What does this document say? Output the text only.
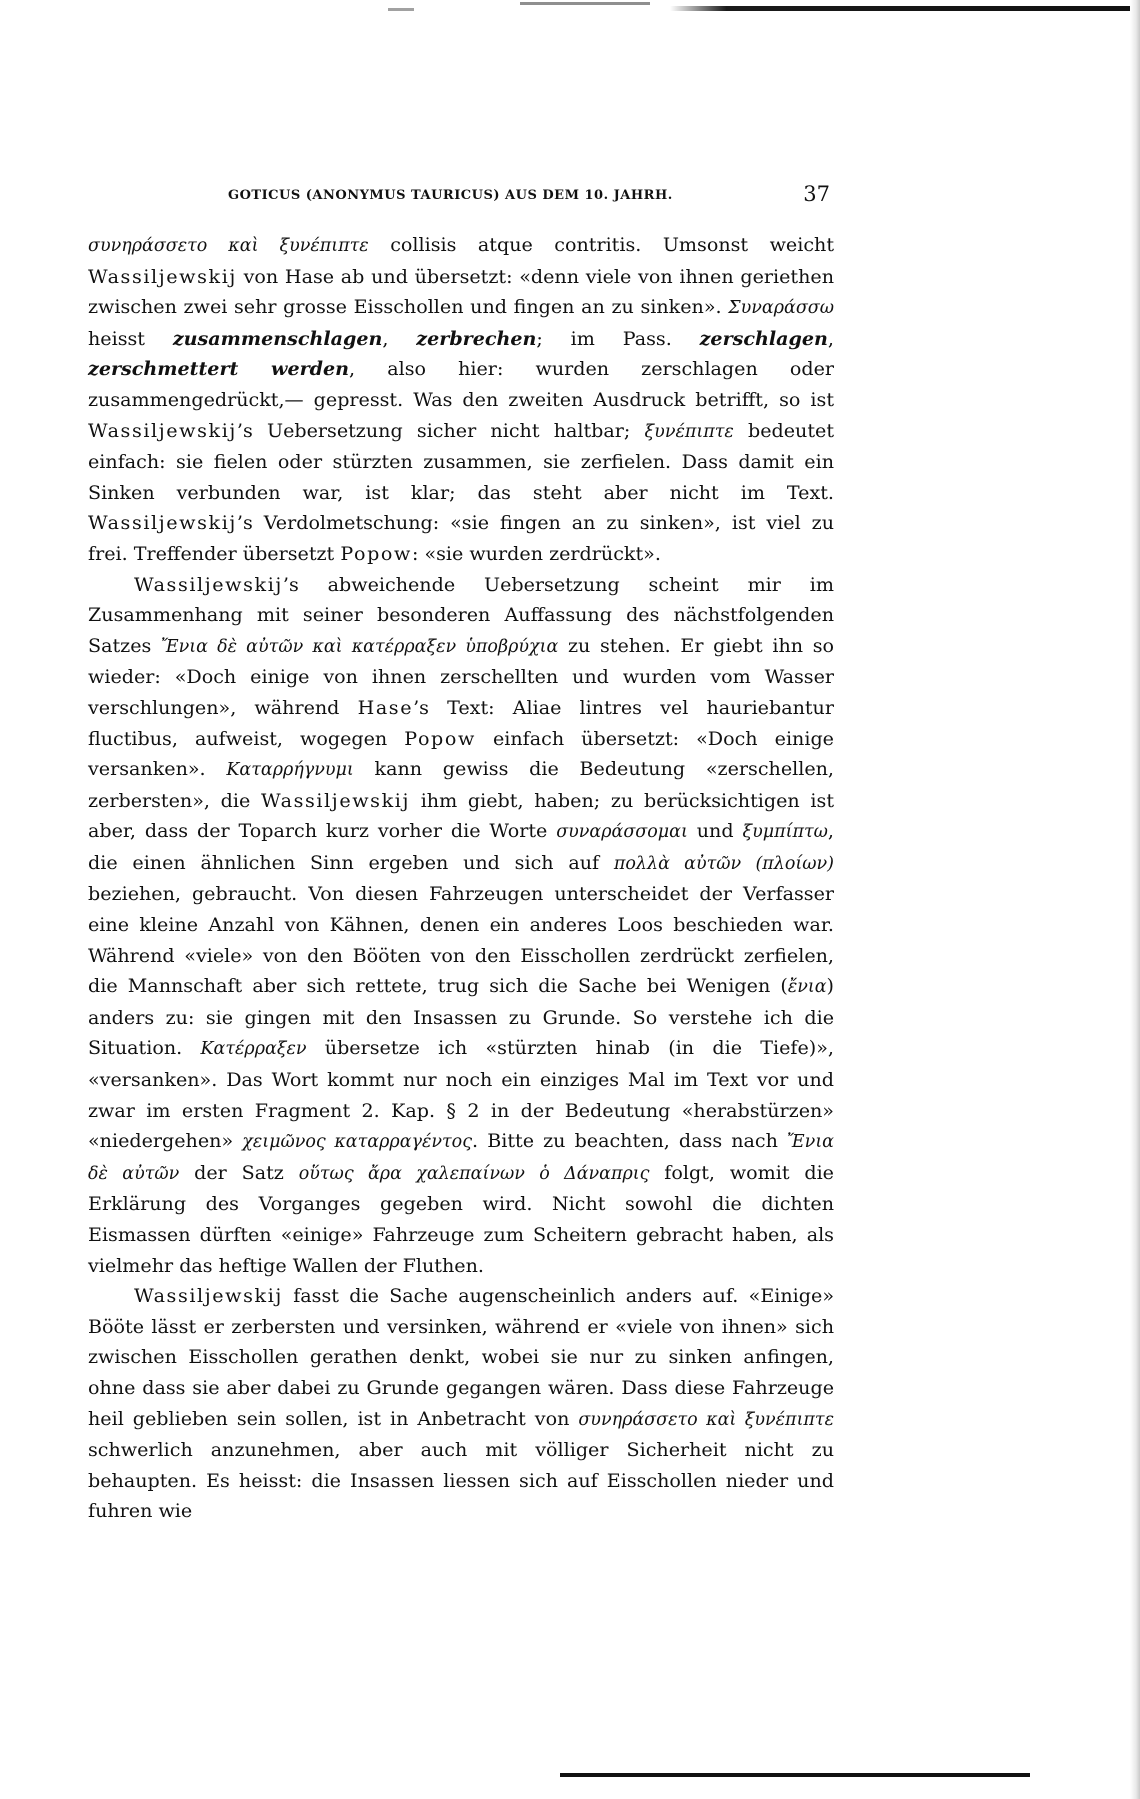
GOTICUS (ANONYMUS TAURICUS) AUS DEM 10. JAHRH.	37

συνηράσσετο καὶ ξυνέπιπτε collisis atque contritis. Umsonst weicht Wassiljewskij von Hase ab und übersetzt: «denn viele von ihnen geriethen zwischen zwei sehr grosse Eisschollen und fingen an zu sinken». Συναράσσω heisst zusammenschlagen, zerbrechen; im Pass. zerschlagen, zerschmettert werden, also hier: wurden zerschlagen oder zusammengedrückt,— gepresst. Was den zweiten Ausdruck betrifft, so ist Wassiljewskij’s Uebersetzung sicher nicht haltbar; ξυνέπιπτε bedeutet einfach: sie fielen oder stürzten zusammen, sie zerfielen. Dass damit ein Sinken verbunden war, ist klar; das steht aber nicht im Text. Wassiljewskij’s Verdolmetschung: «sie fingen an zu sinken», ist viel zu frei. Treffender übersetzt Popow: «sie wurden zerdrückt».

Wassiljewskij’s abweichende Uebersetzung scheint mir im Zusammenhang mit seiner besonderen Auffassung des nächstfolgenden Satzes Ἔνια δὲ αὐτῶν καὶ κατέρραξεν ὑποβρύχια zu stehen. Er giebt ihn so wieder: «Doch einige von ihnen zerschellten und wurden vom Wasser verschlungen», während Hase’s Text: Aliae lintres vel hauriebantur fluctibus, aufweist, wogegen Popow einfach übersetzt: «Doch einige versanken». Καταρρήγνυμι kann gewiss die Bedeutung «zerschellen, zerbersten», die Wassiljewskij ihm giebt, haben; zu berücksichtigen ist aber, dass der Toparch kurz vorher die Worte συναράσσομαι und ξυμπίπτω, die einen ähnlichen Sinn ergeben und sich auf πολλὰ αὐτῶν (πλοίων) beziehen, gebraucht. Von diesen Fahrzeugen unterscheidet der Verfasser eine kleine Anzahl von Kähnen, denen ein anderes Loos beschieden war. Während «viele» von den Bööten von den Eisschollen zerdrückt zerfielen, die Mannschaft aber sich rettete, trug sich die Sache bei Wenigen (ἔνια) anders zu: sie gingen mit den Insassen zu Grunde. So verstehe ich die Situation. Κατέρραξεν übersetze ich «stürzten hinab (in die Tiefe)», «versanken». Das Wort kommt nur noch ein einziges Mal im Text vor und zwar im ersten Fragment 2. Kap. § 2 in der Bedeutung «herabstürzen» «niedergehen» χειμῶνος καταρραγέντος. Bitte zu beachten, dass nach Ἔνια δὲ αὐτῶν der Satz οὕτως ἄρα χαλεπαίνων ὁ Δάναπρις folgt, womit die Erklärung des Vorganges gegeben wird. Nicht sowohl die dichten Eismassen dürften «einige» Fahrzeuge zum Scheitern gebracht haben, als vielmehr das heftige Wallen der Fluthen.

Wassiljewskij fasst die Sache augenscheinlich anders auf. «Einige» Bööte lässt er zerbersten und versinken, während er «viele von ihnen» sich zwischen Eisschollen gerathen denkt, wobei sie nur zu sinken anfingen, ohne dass sie aber dabei zu Grunde gegangen wären. Dass diese Fahrzeuge heil geblieben sein sollen, ist in Anbetracht von συνηράσσετο καὶ ξυνέπιπτε schwerlich anzunehmen, aber auch mit völliger Sicherheit nicht zu behaupten. Es heisst: die Insassen liessen sich auf Eisschollen nieder und fuhren wie
